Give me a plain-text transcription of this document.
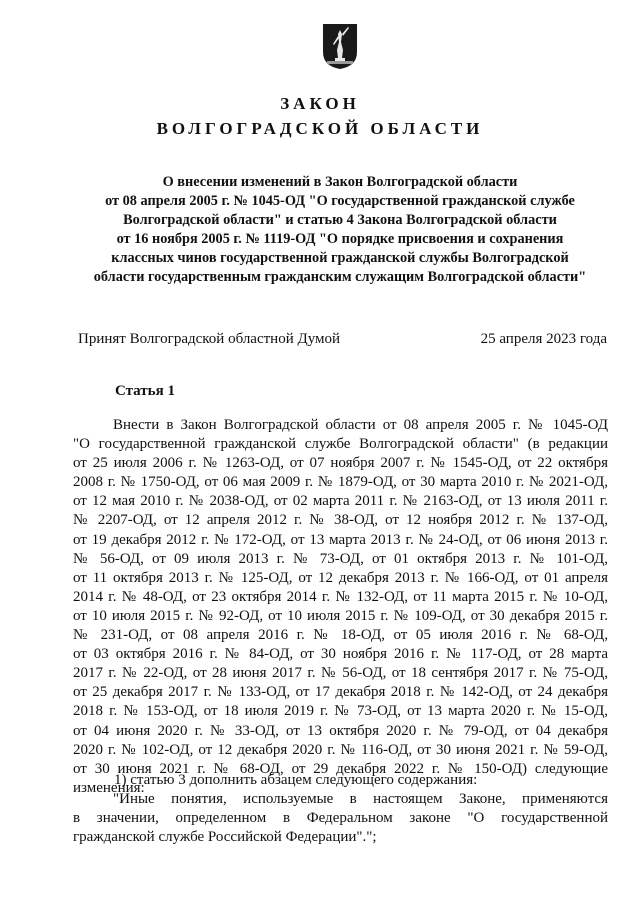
ЗАКОН
ВОЛГОГРАДСКОЙ ОБЛАСТИ
О внесении изменений в Закон Волгоградской области
от 08 апреля 2005 г. № 1045-ОД "О государственной гражданской службе
Волгоградской области" и статью 4 Закона Волгоградской области
от 16 ноября 2005 г. № 1119-ОД "О порядке присвоения и сохранения
классных чинов государственной гражданской службы Волгоградской
области государственным гражданским служащим Волгоградской области"
Принят Волгоградской областной Думой	25 апреля 2023 года
Статья 1
Внести в Закон Волгоградской области от 08 апреля 2005 г. № 1045-ОД
"О государственной гражданской службе Волгоградской области" (в редакции
от 25 июля 2006 г. № 1263-ОД, от 07 ноября 2007 г. № 1545-ОД, от 22 октября
2008 г. № 1750-ОД, от 06 мая 2009 г. № 1879-ОД, от 30 марта 2010 г. № 2021-ОД,
от 12 мая 2010 г. № 2038-ОД, от 02 марта 2011 г. № 2163-ОД, от 13 июля 2011 г.
№ 2207-ОД, от 12 апреля 2012 г. № 38-ОД, от 12 ноября 2012 г. № 137-ОД,
от 19 декабря 2012 г. № 172-ОД, от 13 марта 2013 г. № 24-ОД, от 06 июня 2013 г.
№ 56-ОД, от 09 июля 2013 г. № 73-ОД, от 01 октября 2013 г. № 101-ОД,
от 11 октября 2013 г. № 125-ОД, от 12 декабря 2013 г. № 166-ОД, от 01 апреля
2014 г. № 48-ОД, от 23 октября 2014 г. № 132-ОД, от 11 марта 2015 г. № 10-ОД,
от 10 июля 2015 г. № 92-ОД, от 10 июля 2015 г. № 109-ОД, от 30 декабря 2015 г.
№ 231-ОД, от 08 апреля 2016 г. № 18-ОД, от 05 июля 2016 г. № 68-ОД,
от 03 октября 2016 г. № 84-ОД, от 30 ноября 2016 г. № 117-ОД, от 28 марта
2017 г. № 22-ОД, от 28 июня 2017 г. № 56-ОД, от 18 сентября 2017 г. № 75-ОД,
от 25 декабря 2017 г. № 133-ОД, от 17 декабря 2018 г. № 142-ОД, от 24 декабря
2018 г. № 153-ОД, от 18 июля 2019 г. № 73-ОД, от 13 марта 2020 г. № 15-ОД,
от 04 июня 2020 г. № 33-ОД, от 13 октября 2020 г. № 79-ОД, от 04 декабря
2020 г. № 102-ОД, от 12 декабря 2020 г. № 116-ОД, от 30 июня 2021 г. № 59-ОД,
от 30 июня 2021 г. № 68-ОД, от 29 декабря 2022 г. № 150-ОД) следующие
изменения:
1) статью 3 дополнить абзацем следующего содержания:
"Иные понятия, используемые в настоящем Законе, применяются
в значении, определенном в Федеральном законе "О государственной
гражданской службе Российской Федерации".";
